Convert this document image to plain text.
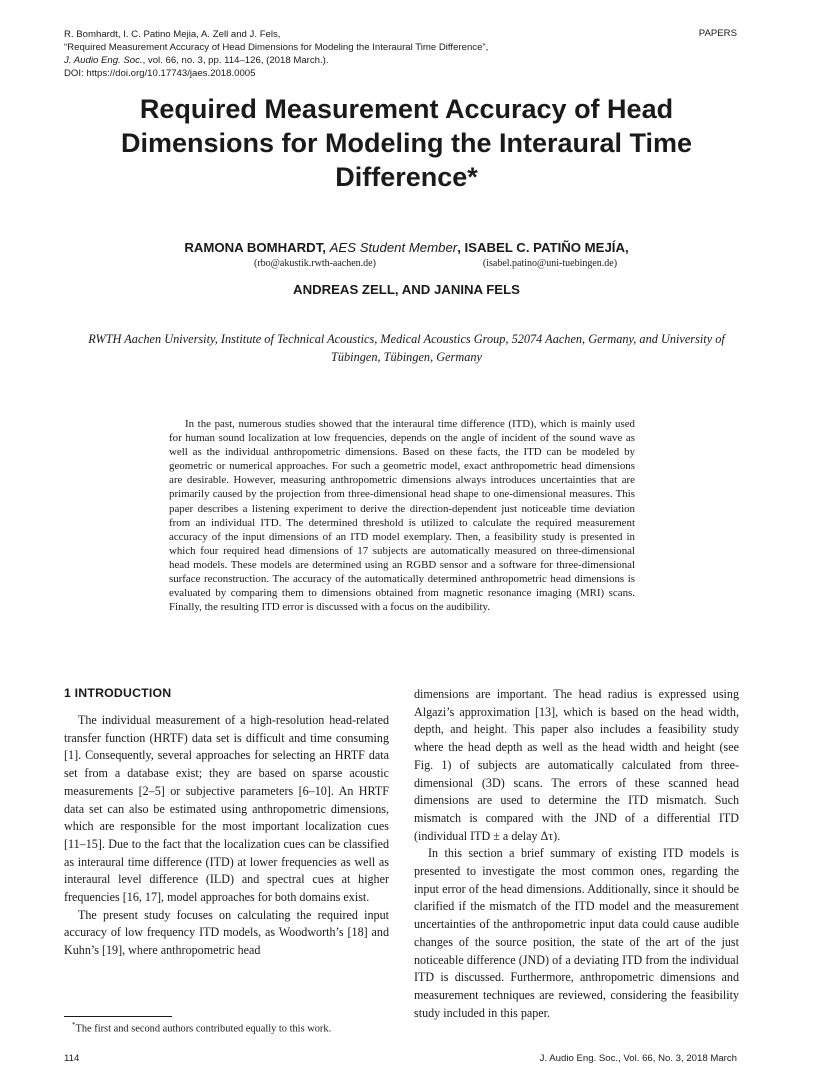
R. Bomhardt, I. C. Patino Mejia, A. Zell and J. Fels,
“Required Measurement Accuracy of Head Dimensions for Modeling the Interaural Time Difference”,
J. Audio Eng. Soc., vol. 66, no. 3, pp. 114–126, (2018 March.).
DOI: https://doi.org/10.17743/jaes.2018.0005
PAPERS
Required Measurement Accuracy of Head Dimensions for Modeling the Interaural Time Difference*
RAMONA BOMHARDT, AES Student Member, ISABEL C. PATIÑO MEJÍA,
(rbo@akustik.rwth-aachen.de)	(isabel.patino@uni-tuebingen.de)
ANDREAS ZELL, AND JANINA FELS
RWTH Aachen University, Institute of Technical Acoustics, Medical Acoustics Group, 52074 Aachen, Germany, and University of Tübingen, Tübingen, Germany

In the past, numerous studies showed that the interaural time difference (ITD), which is mainly used for human sound localization at low frequencies, depends on the angle of incident of the sound wave as well as the individual anthropometric dimensions. Based on these facts, the ITD can be modeled by geometric or numerical approaches. For such a geometric model, exact anthropometric head dimensions are desirable. However, measuring anthropometric dimensions always introduces uncertainties that are primarily caused by the projection from three-dimensional head shape to one-dimensional measures. This paper describes a listening experiment to derive the direction-dependent just noticeable time deviation from an individual ITD. The determined threshold is utilized to calculate the required measurement accuracy of the input dimensions of an ITD model exemplary. Then, a feasibility study is presented in which four required head dimensions of 17 subjects are automatically measured on three-dimensional head models. These models are determined using an RGBD sensor and a software for three-dimensional surface reconstruction. The accuracy of the automatically determined anthropometric head dimensions is evaluated by comparing them to dimensions obtained from magnetic resonance imaging (MRI) scans. Finally, the resulting ITD error is discussed with a focus on the audibility.

1 INTRODUCTION

The individual measurement of a high-resolution head-related transfer function (HRTF) data set is difficult and time consuming [1]. Consequently, several approaches for selecting an HRTF data set from a database exist; they are based on sparse acoustic measurements [2–5] or subjective parameters [6–10]. An HRTF data set can also be estimated using anthropometric dimensions, which are responsible for the most important localization cues [11–15]. Due to the fact that the localization cues can be classified as interaural time difference (ITD) at lower frequencies as well as interaural level difference (ILD) and spectral cues at higher frequencies [16, 17], model approaches for both domains exist.

The present study focuses on calculating the required input accuracy of low frequency ITD models, as Woodworth’s [18] and Kuhn’s [19], where anthropometric head

dimensions are important. The head radius is expressed using Algazi’s approximation [13], which is based on the head width, depth, and height. This paper also includes a feasibility study where the head depth as well as the head width and height (see Fig. 1) of subjects are automatically calculated from three-dimensional (3D) scans. The errors of these scanned head dimensions are used to determine the ITD mismatch. Such mismatch is compared with the JND of a differential ITD (individual ITD ± a delay Δτ).

In this section a brief summary of existing ITD models is presented to investigate the most common ones, regarding the input error of the head dimensions. Additionally, since it should be clarified if the mismatch of the ITD model and the measurement uncertainties of the anthropometric input data could cause audible changes of the source position, the state of the art of the just noticeable difference (JND) of a deviating ITD from the individual ITD is discussed. Furthermore, anthropometric dimensions and measurement techniques are reviewed, considering the feasibility study included in this paper.

*The first and second authors contributed equally to this work.
114	J. Audio Eng. Soc., Vol. 66, No. 3, 2018 March
